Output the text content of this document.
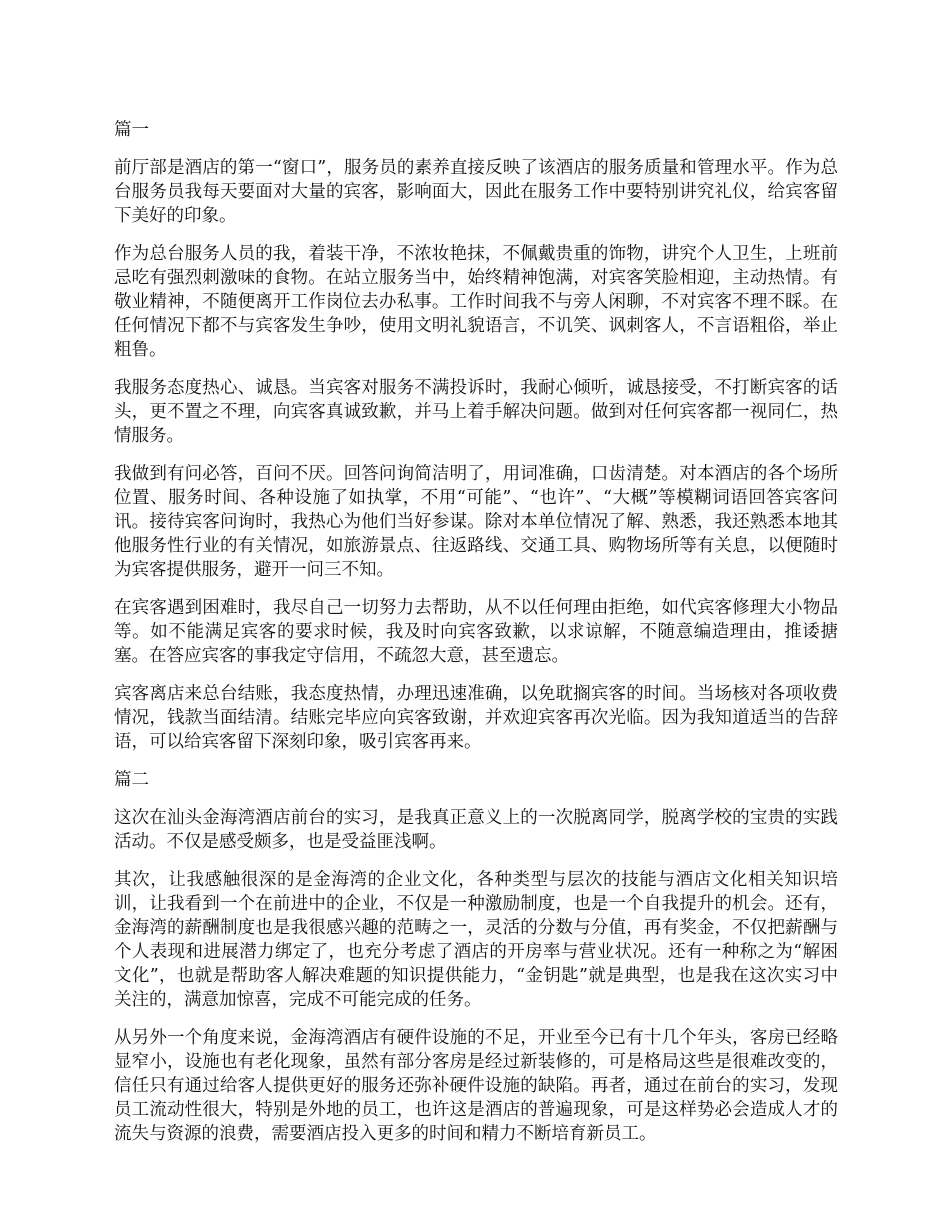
篇一

前厅部是酒店的第一“窗口”，服务员的素养直接反映了该酒店的服务质量和管理水平。作为总台服务员我每天要面对大量的宾客，影响面大，因此在服务工作中要特别讲究礼仪，给宾客留下美好的印象。

作为总台服务人员的我，着装干净，不浓妆艳抹，不佩戴贵重的饰物，讲究个人卫生，上班前忌吃有强烈刺激味的食物。在站立服务当中，始终精神饱满，对宾客笑脸相迎，主动热情。有敬业精神，不随便离开工作岗位去办私事。工作时间我不与旁人闲聊，不对宾客不理不睬。在任何情况下都不与宾客发生争吵，使用文明礼貌语言，不讥笑、讽刺客人，不言语粗俗，举止粗鲁。

我服务态度热心、诚恳。当宾客对服务不满投诉时，我耐心倾听，诚恳接受，不打断宾客的话头，更不置之不理，向宾客真诚致歉，并马上着手解决问题。做到对任何宾客都一视同仁，热情服务。

我做到有问必答，百问不厌。回答问询简洁明了，用词准确，口齿清楚。对本酒店的各个场所位置、服务时间、各种设施了如执掌，不用“可能”、“也许”、“大概”等模糊词语回答宾客问讯。接待宾客问询时，我热心为他们当好参谋。除对本单位情况了解、熟悉，我还熟悉本地其他服务性行业的有关情况，如旅游景点、往返路线、交通工具、购物场所等有关息，以便随时为宾客提供服务，避开一问三不知。

在宾客遇到困难时，我尽自己一切努力去帮助，从不以任何理由拒绝，如代宾客修理大小物品等。如不能满足宾客的要求时候，我及时向宾客致歉，以求谅解，不随意编造理由，推诿搪塞。在答应宾客的事我定守信用，不疏忽大意，甚至遗忘。

宾客离店来总台结账，我态度热情，办理迅速准确，以免耽搁宾客的时间。当场核对各项收费情况，钱款当面结清。结账完毕应向宾客致谢，并欢迎宾客再次光临。因为我知道适当的告辞语，可以给宾客留下深刻印象，吸引宾客再来。

篇二

这次在汕头金海湾酒店前台的实习，是我真正意义上的一次脱离同学，脱离学校的宝贵的实践活动。不仅是感受颇多，也是受益匪浅啊。

其次，让我感触很深的是金海湾的企业文化，各种类型与层次的技能与酒店文化相关知识培训，让我看到一个在前进中的企业，不仅是一种激励制度，也是一个自我提升的机会。还有，金海湾的薪酬制度也是我很感兴趣的范畴之一，灵活的分数与分值，再有奖金，不仅把薪酬与个人表现和进展潜力绑定了，也充分考虑了酒店的开房率与营业状况。还有一种称之为“解困文化”，也就是帮助客人解决难题的知识提供能力，“金钥匙”就是典型，也是我在这次实习中关注的，满意加惊喜，完成不可能完成的任务。

从另外一个角度来说，金海湾酒店有硬件设施的不足，开业至今已有十几个年头，客房已经略显窄小，设施也有老化现象，虽然有部分客房是经过新装修的，可是格局这些是很难改变的，信任只有通过给客人提供更好的服务还弥补硬件设施的缺陷。再者，通过在前台的实习，发现员工流动性很大，特别是外地的员工，也许这是酒店的普遍现象，可是这样势必会造成人才的流失与资源的浪费，需要酒店投入更多的时间和精力不断培育新员工。
